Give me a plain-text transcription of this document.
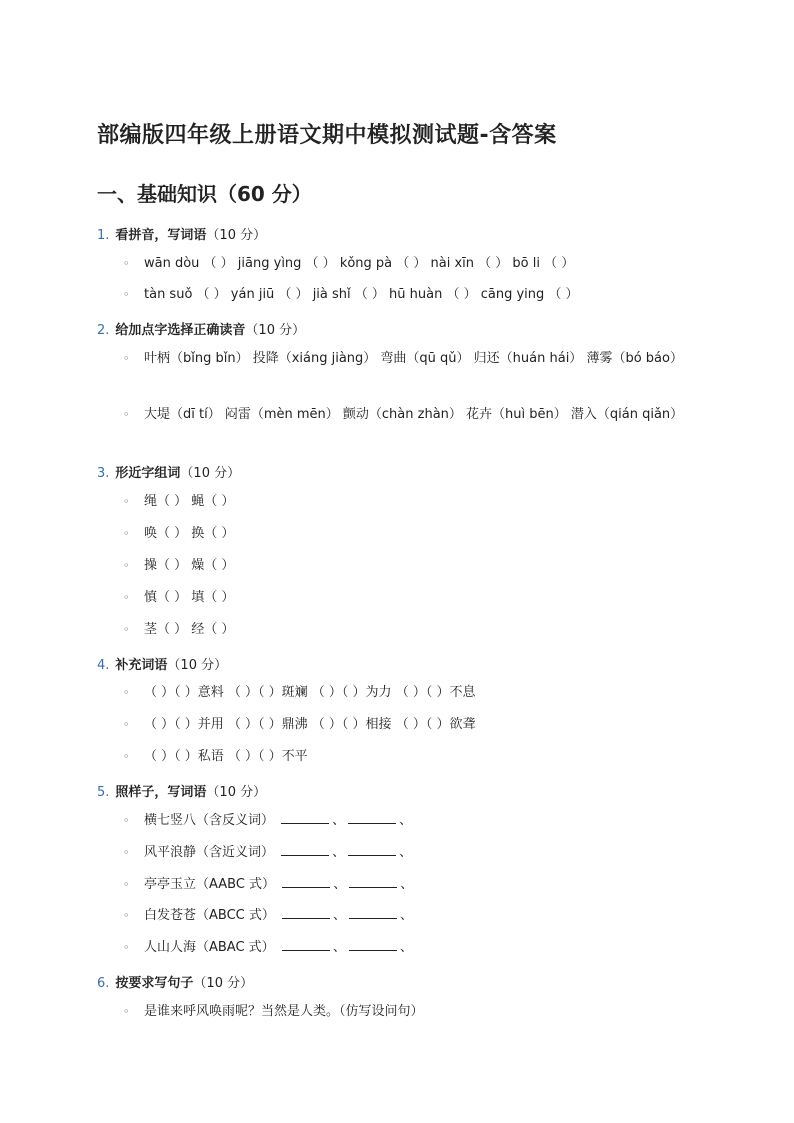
部编版四年级上册语文期中模拟测试题-含答案
一、基础知识（60 分）
1. 看拼音，写词语（10 分）
◦ wān dòu （ ） jiāng yìng （ ） kǒng pà （ ） nài xīn （ ） bō li （ ）
◦ tàn suǒ （ ） yán jiū （ ） jià shǐ （ ） hū huàn （ ） cāng ying （ ）
2. 给加点字选择正确读音（10 分）
◦	叶柄（bǐng bǐn） 投降（xiáng jiàng） 弯曲（qū qǔ） 归还（huán hái） 薄雾（bó báo）
◦	大堤（dī tí） 闷雷（mèn mēn） 颤动（chàn zhàn） 花卉（huì bēn） 潜入（qián qiǎn）
3. 形近字组词（10 分）
◦ 绳（ ） 蝇（ ）
◦ 唤（ ） 换（ ）
◦ 操（ ） 燥（ ）
◦ 慎（ ） 填（ ）
◦ 茎（ ） 经（ ）
4. 补充词语（10 分）
◦ （ ）（ ）意料 （ ）（ ）斑斓 （ ）（ ）为力 （ ）（ ）不息
◦ （ ）（ ）并用 （ ）（ ）鼎沸 （ ）（ ）相接 （ ）（ ）欲聋
◦ （ ）（ ）私语 （ ）（ ）不平
5. 照样子，写词语（10 分）
◦ 横七竖八（含反义词）	、	、
◦ 风平浪静（含近义词）	、	、
◦ 亭亭玉立（AABC 式）	、	、
◦ 白发苍苍（ABCC 式）	、	、
◦ 人山人海（ABAC 式）	、	、
6. 按要求写句子（10 分）
◦ 是谁来呼风唤雨呢？当然是人类。（仿写设问句）
